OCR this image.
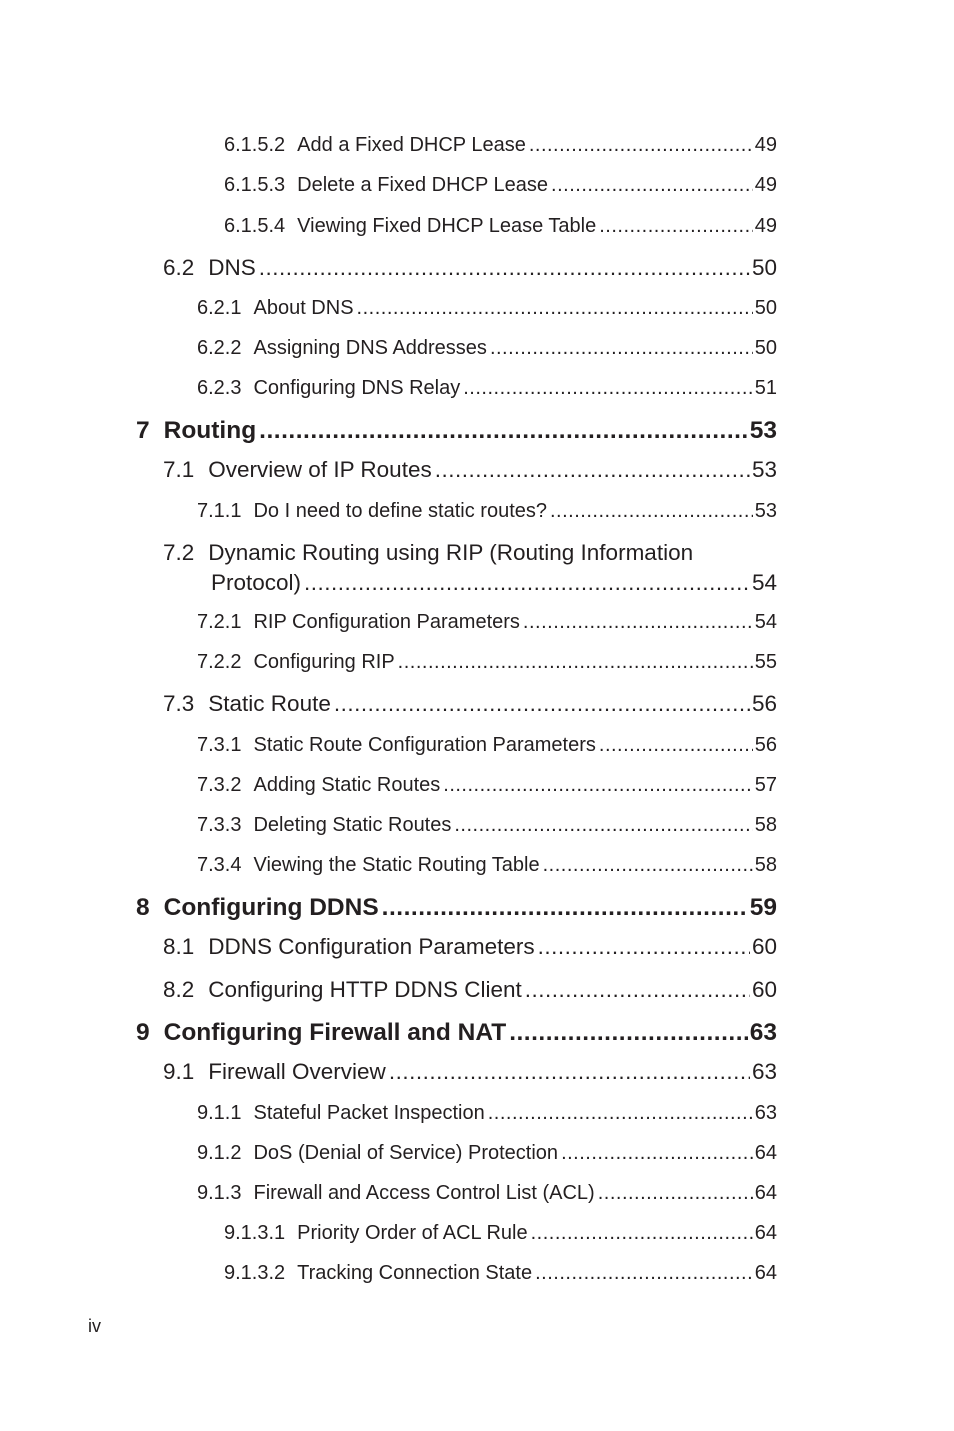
6.1.5.2 Add a Fixed DHCP Lease .....	49
6.1.5.3 Delete a Fixed DHCP Lease .....	49
6.1.5.4 Viewing Fixed DHCP Lease Table .....	49
6.2 DNS .....	50
6.2.1 About DNS .....	50
6.2.2 Assigning DNS Addresses .....	50
6.2.3 Configuring DNS Relay .....	51
7 Routing .....	53
7.1 Overview of IP Routes .....	53
7.1.1 Do I need to define static routes? .....	53
7.2 Dynamic Routing using RIP (Routing Information
Protocol) .....	54
7.2.1 RIP Configuration Parameters .....	54
7.2.2 Configuring RIP .....	55
7.3 Static Route .....	56
7.3.1 Static Route Configuration Parameters .....	56
7.3.2 Adding Static Routes .....	57
7.3.3 Deleting Static Routes .....	58
7.3.4 Viewing the Static Routing Table .....	58
8 Configuring DDNS .....	59
8.1 DDNS Configuration Parameters .....	60
8.2 Configuring HTTP DDNS Client .....	60
9 Configuring Firewall and NAT .....	63
9.1 Firewall Overview .....	63
9.1.1 Stateful Packet Inspection .....	63
9.1.2 DoS (Denial of Service) Protection .....	64
9.1.3 Firewall and Access Control List (ACL) .....	64
9.1.3.1 Priority Order of ACL Rule .....	64
9.1.3.2 Tracking Connection State .....	64
iv
